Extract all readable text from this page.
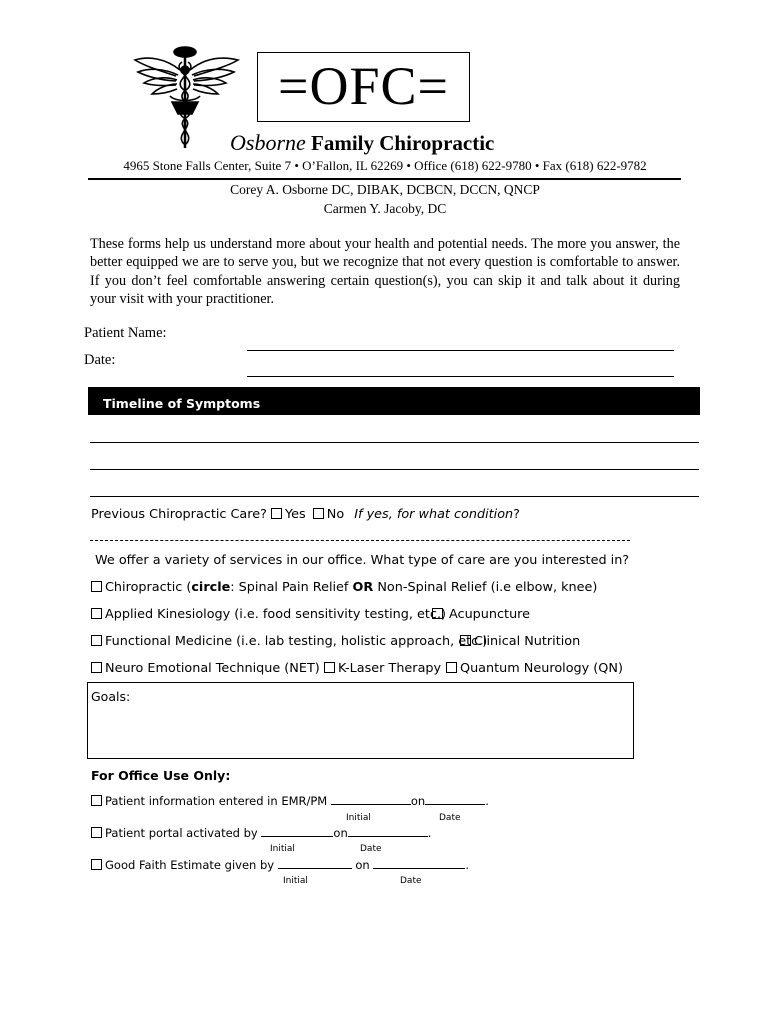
=OFC=
Osborne Family Chiropractic
4965 Stone Falls Center, Suite 7 • O’Fallon, IL 62269 • Office (618) 622-9780 • Fax (618) 622-9782
Corey A. Osborne DC, DIBAK, DCBCN, DCCN, QNCP
Carmen Y. Jacoby, DC
These forms help us understand more about your health and potential needs. The more you answer, the better equipped we are to serve you, but we recognize that not every question is comfortable to answer. If you don’t feel comfortable answering certain question(s), you can skip it and talk about it during your visit with your practitioner.
Patient Name:
Date:
Timeline of Symptoms
Previous Chiropractic Care? Yes No If yes, for what condition?
We offer a variety of services in our office. What type of care are you interested in?
Chiropractic (circle: Spinal Pain Relief OR Non-Spinal Relief (i.e elbow, knee)
Applied Kinesiology (i.e. food sensitivity testing, etc.) Acupuncture
Functional Medicine (i.e. lab testing, holistic approach, etc.)
Clinical Nutrition
Neuro Emotional Technique (NET)	K-Laser Therapy	Quantum Neurology (QN)
Goals:
For Office Use Only:
Patient information entered in EMR/PM	on	.
Initial	Date
Patient portal activated by	on	.
Initial	Date
Good Faith Estimate given by	on	.
Initial	Date
